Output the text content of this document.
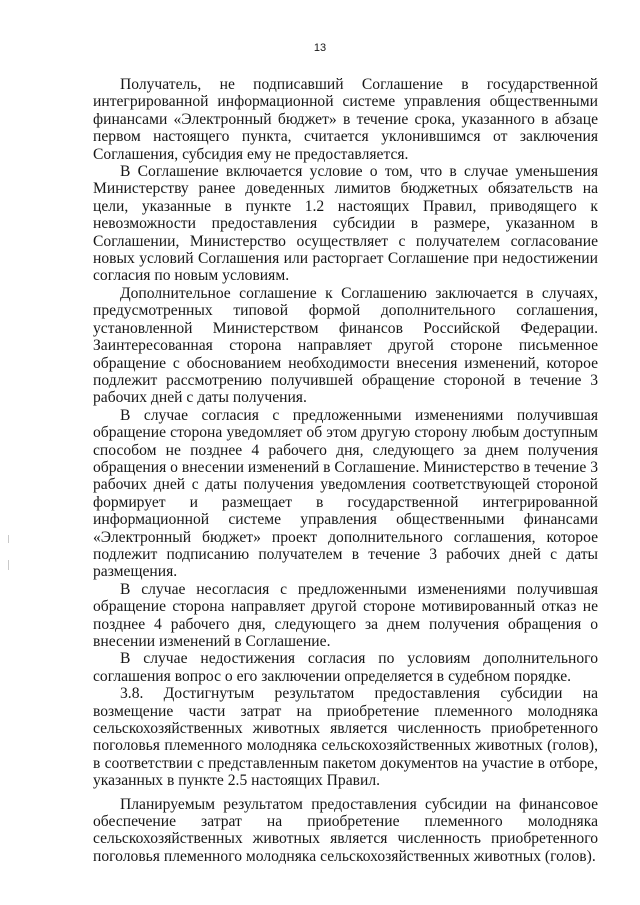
13

Получатель, не подписавший Соглашение в государственной интегрированной информационной системе управления общественными финансами «Электронный бюджет» в течение срока, указанного в абзаце первом настоящего пункта, считается уклонившимся от заключения Соглашения, субсидия ему не предоставляется.

В Соглашение включается условие о том, что в случае уменьшения Министерству ранее доведенных лимитов бюджетных обязательств на цели, указанные в пункте 1.2 настоящих Правил, приводящего к невозможности предоставления субсидии в размере, указанном в Соглашении, Министерство осуществляет с получателем согласование новых условий Соглашения или расторгает Соглашение при недостижении согласия по новым условиям.

Дополнительное соглашение к Соглашению заключается в случаях, предусмотренных типовой формой дополнительного соглашения, установленной Министерством финансов Российской Федерации. Заинтересованная сторона направляет другой стороне письменное обращение с обоснованием необходимости внесения изменений, которое подлежит рассмотрению получившей обращение стороной в течение 3 рабочих дней с даты получения.

В случае согласия с предложенными изменениями получившая обращение сторона уведомляет об этом другую сторону любым доступным способом не позднее 4 рабочего дня, следующего за днем получения обращения о внесении изменений в Соглашение. Министерство в течение 3 рабочих дней с даты получения уведомления соответствующей стороной формирует и размещает в государственной интегрированной информационной системе управления общественными финансами «Электронный бюджет» проект дополнительного соглашения, которое подлежит подписанию получателем в течение 3 рабочих дней с даты размещения.

В случае несогласия с предложенными изменениями получившая обращение сторона направляет другой стороне мотивированный отказ не позднее 4 рабочего дня, следующего за днем получения обращения о внесении изменений в Соглашение.

В случае недостижения согласия по условиям дополнительного соглашения вопрос о его заключении определяется в судебном порядке.

3.8. Достигнутым результатом предоставления субсидии на возмещение части затрат на приобретение племенного молодняка сельскохозяйственных животных является численность приобретенного поголовья племенного молодняка сельскохозяйственных животных (голов), в соответствии с представленным пакетом документов на участие в отборе, указанных в пункте 2.5 настоящих Правил.

Планируемым результатом предоставления субсидии на финансовое обеспечение затрат на приобретение племенного молодняка сельскохозяйственных животных является численность приобретенного поголовья племенного молодняка сельскохозяйственных животных (голов).
